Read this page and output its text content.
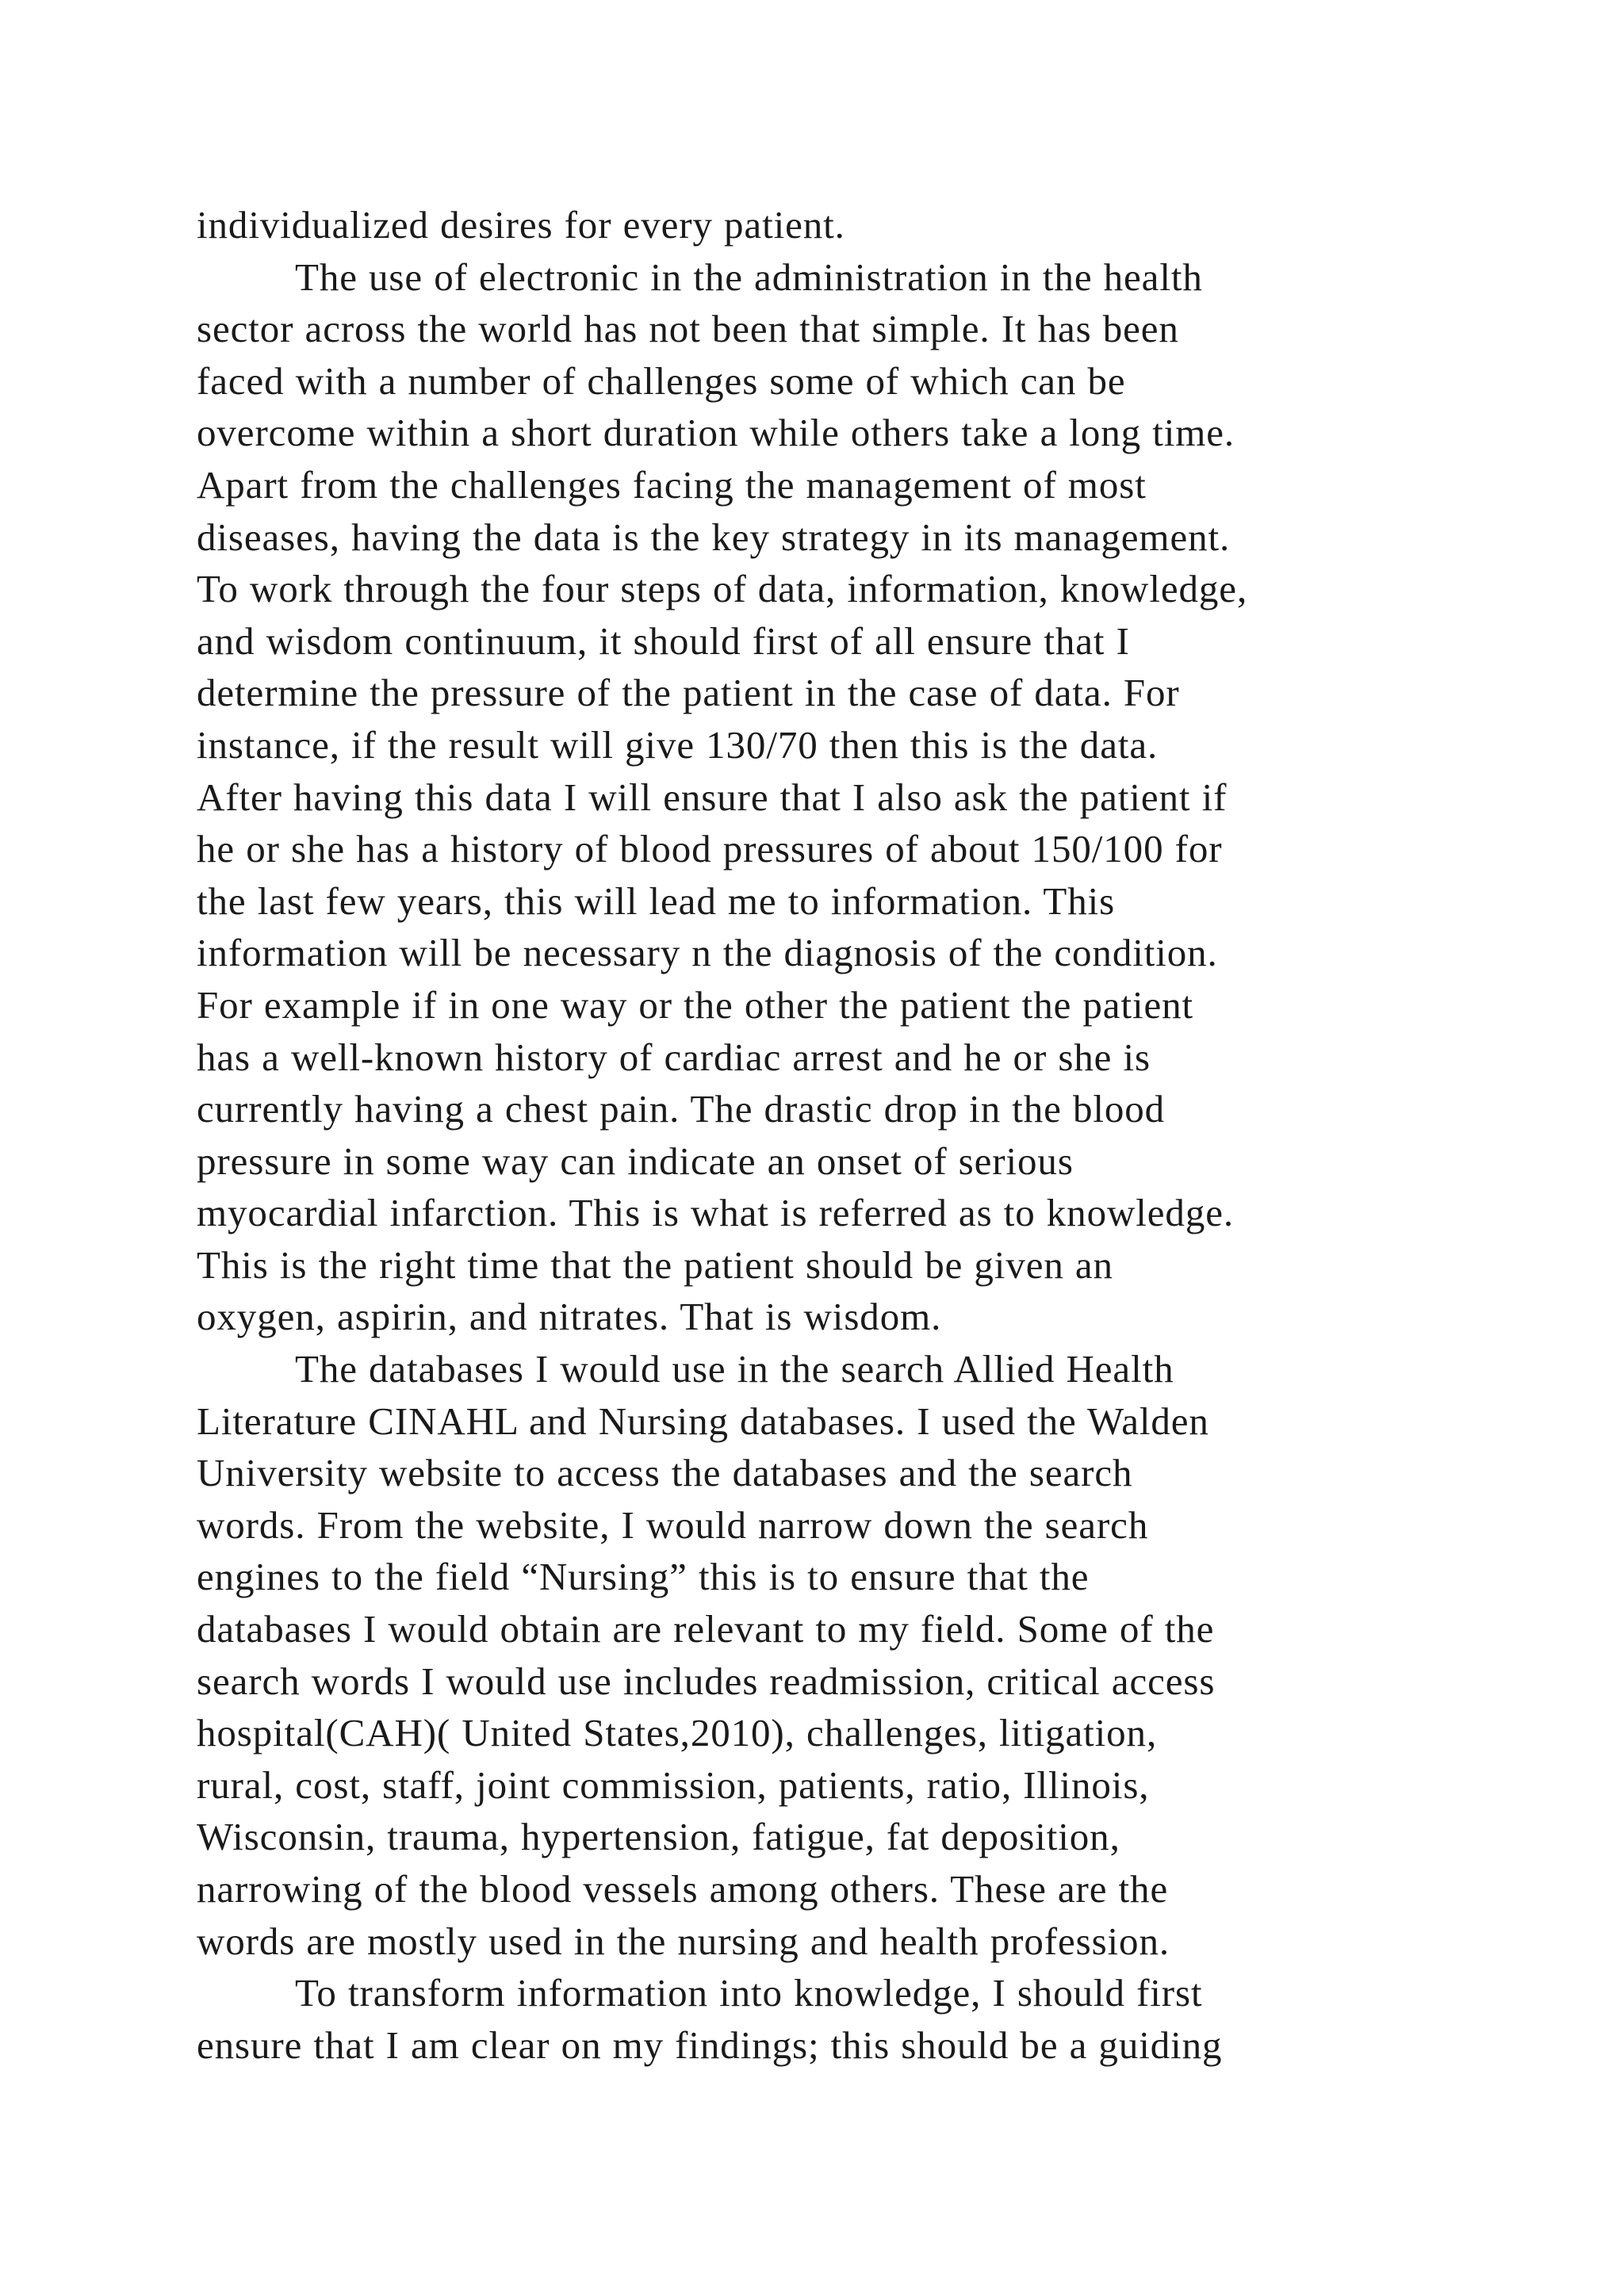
individualized desires for every patient.
The use of electronic in the administration in the health
sector across the world has not been that simple. It has been
faced with a number of challenges some of which can be
overcome within a short duration while others take a long time.
Apart from the challenges facing the management of most
diseases, having the data is the key strategy in its management.
To work through the four steps of data, information, knowledge,
and wisdom continuum, it should first of all ensure that I
determine the pressure of the patient in the case of data. For
instance, if the result will give 130/70 then this is the data.
After having this data I will ensure that I also ask the patient if
he or she has a history of blood pressures of about 150/100 for
the last few years, this will lead me to information. This
information will be necessary n the diagnosis of the condition.
For example if in one way or the other the patient the patient
has a well-known history of cardiac arrest and he or she is
currently having a chest pain. The drastic drop in the blood
pressure in some way can indicate an onset of serious
myocardial infarction. This is what is referred as to knowledge.
This is the right time that the patient should be given an
oxygen, aspirin, and nitrates. That is wisdom.
The databases I would use in the search Allied Health
Literature CINAHL and Nursing databases. I used the Walden
University website to access the databases and the search
words. From the website, I would narrow down the search
engines to the field “Nursing” this is to ensure that the
databases I would obtain are relevant to my field. Some of the
search words I would use includes readmission, critical access
hospital(CAH)( United States,2010), challenges, litigation,
rural, cost, staff, joint commission, patients, ratio, Illinois,
Wisconsin, trauma, hypertension, fatigue, fat deposition,
narrowing of the blood vessels among others. These are the
words are mostly used in the nursing and health profession.
To transform information into knowledge, I should first
ensure that I am clear on my findings; this should be a guiding
